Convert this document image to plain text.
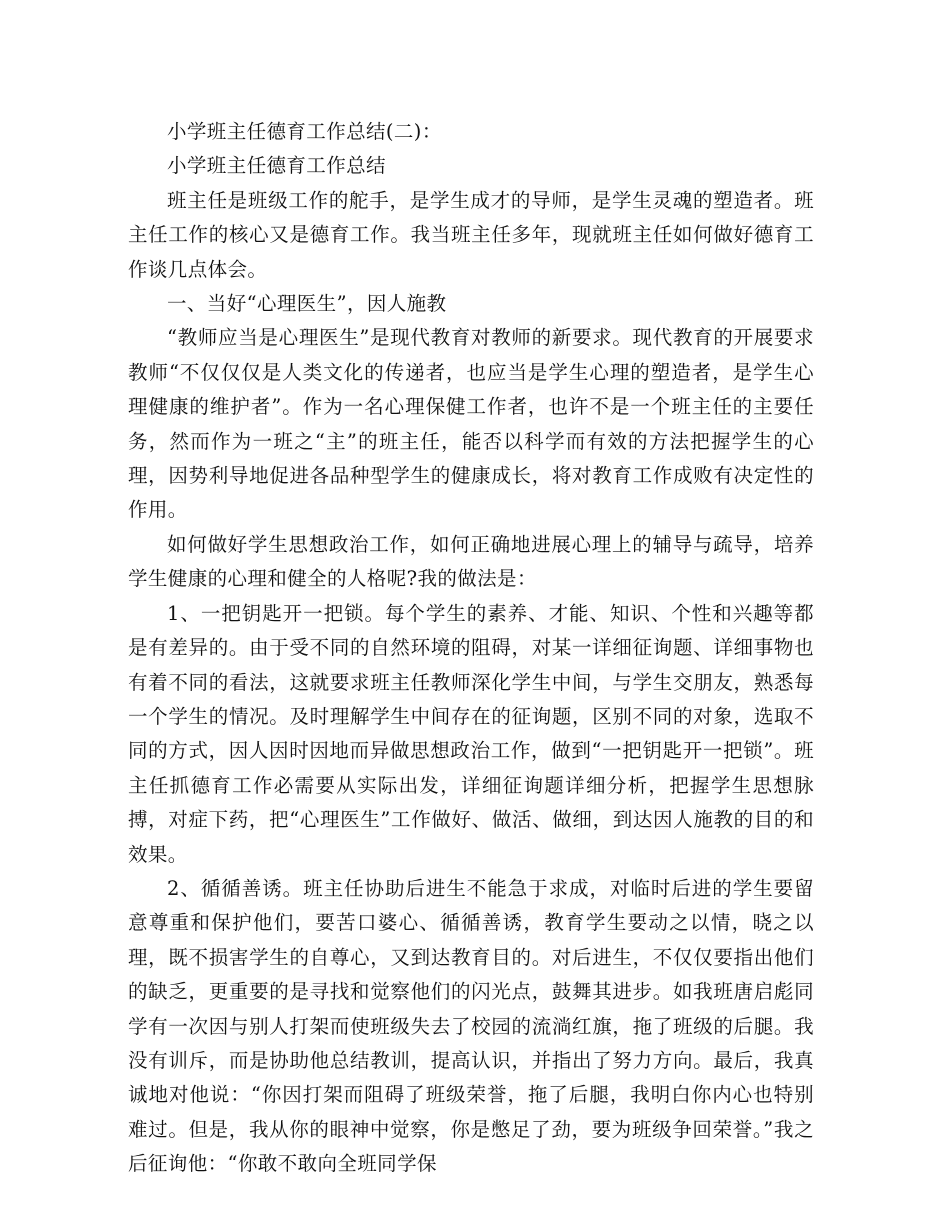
小学班主任德育工作总结(二)：

小学班主任德育工作总结

班主任是班级工作的舵手，是学生成才的导师，是学生灵魂的塑造者。班主任工作的核心又是德育工作。我当班主任多年，现就班主任如何做好德育工作谈几点体会。

一、当好“心理医生”，因人施教

“教师应当是心理医生”是现代教育对教师的新要求。现代教育的开展要求教师“不仅仅仅是人类文化的传递者，也应当是学生心理的塑造者，是学生心理健康的维护者”。作为一名心理保健工作者，也许不是一个班主任的主要任务，然而作为一班之“主”的班主任，能否以科学而有效的方法把握学生的心理，因势利导地促进各品种型学生的健康成长，将对教育工作成败有决定性的作用。

如何做好学生思想政治工作，如何正确地进展心理上的辅导与疏导，培养学生健康的心理和健全的人格呢?我的做法是：

1、一把钥匙开一把锁。每个学生的素养、才能、知识、个性和兴趣等都是有差异的。由于受不同的自然环境的阻碍，对某一详细征询题、详细事物也有着不同的看法，这就要求班主任教师深化学生中间，与学生交朋友，熟悉每一个学生的情况。及时理解学生中间存在的征询题，区别不同的对象，选取不同的方式，因人因时因地而异做思想政治工作，做到“一把钥匙开一把锁”。班主任抓德育工作必需要从实际出发，详细征询题详细分析，把握学生思想脉搏，对症下药，把“心理医生”工作做好、做活、做细，到达因人施教的目的和效果。

2、循循善诱。班主任协助后进生不能急于求成，对临时后进的学生要留意尊重和保护他们，要苦口婆心、循循善诱，教育学生要动之以情，晓之以理，既不损害学生的自尊心，又到达教育目的。对后进生，不仅仅要指出他们的缺乏，更重要的是寻找和觉察他们的闪光点，鼓舞其进步。如我班唐启彪同学有一次因与别人打架而使班级失去了校园的流淌红旗，拖了班级的后腿。我没有训斥，而是协助他总结教训，提高认识，并指出了努力方向。最后，我真诚地对他说：“你因打架而阻碍了班级荣誉，拖了后腿，我明白你内心也特别难过。但是，我从你的眼神中觉察，你是憋足了劲，要为班级争回荣誉。”我之后征询他：“你敢不敢向全班同学保
